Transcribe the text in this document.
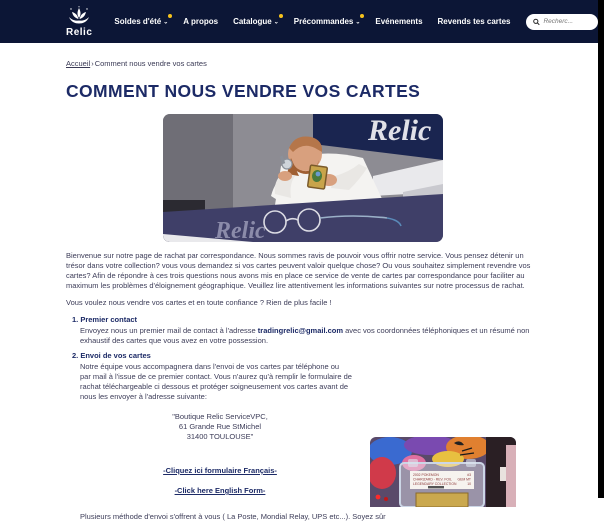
Relic
Soldes d'été ⌄ A propos Catalogue ⌄ Précommandes ⌄ Evénements Revends tes cartes
Recherc...
Accueil›Comment nous vendre vos cartes
COMMENT NOUS VENDRE VOS CARTES
Relic
Relic

Bienvenue sur notre page de rachat par correspondance. Nous sommes ravis de pouvoir vous offrir notre service. Vous pensez détenir un trésor dans votre collection? vous vous demandez si vos cartes peuvent valoir quelque chose? Ou vous souhaitez simplement revendre vos cartes? Afin de répondre à ces trois questions nous avons mis en place ce service de vente de cartes par correspondance pour faciliter au maximum les problèmes d'éloignement géographique. Veuillez lire attentivement les informations suivantes sur notre processus de rachat.

Vous voulez nous vendre vos cartes et en toute confiance ? Rien de plus facile !

1. Premier contact

Envoyez nous un premier mail de contact à l'adresse tradingrelic@gmail.com avec vos coordonnées téléphoniques et un résumé non exhaustif des cartes que vous avez en votre possession.

2. Envoi de vos cartes

Notre équipe vous accompagnera dans l'envoi de vos cartes par téléphone ou par mail à l'issue de ce premier contact. Vous n'aurez qu'à remplir le formulaire de rachat téléchargeable ci dessous et protéger soigneusement vos cartes avant de nous les envoyer à l'adresse suivante:

"Boutique Relic ServiceVPC,
61 Grande Rue StMichel
31400 TOULOUSE"
-Cliquez ici formulaire Français-
-Click here English Form-

Plusieurs méthode d'envoi s'offrent à vous ( La Poste, Mondial Relay, UPS etc...). Soyez sûr

2002 POKEMON
CHARIZARD - REV. FOIL
LEGENDARY COLLECTION
#3
GEM MT
10
